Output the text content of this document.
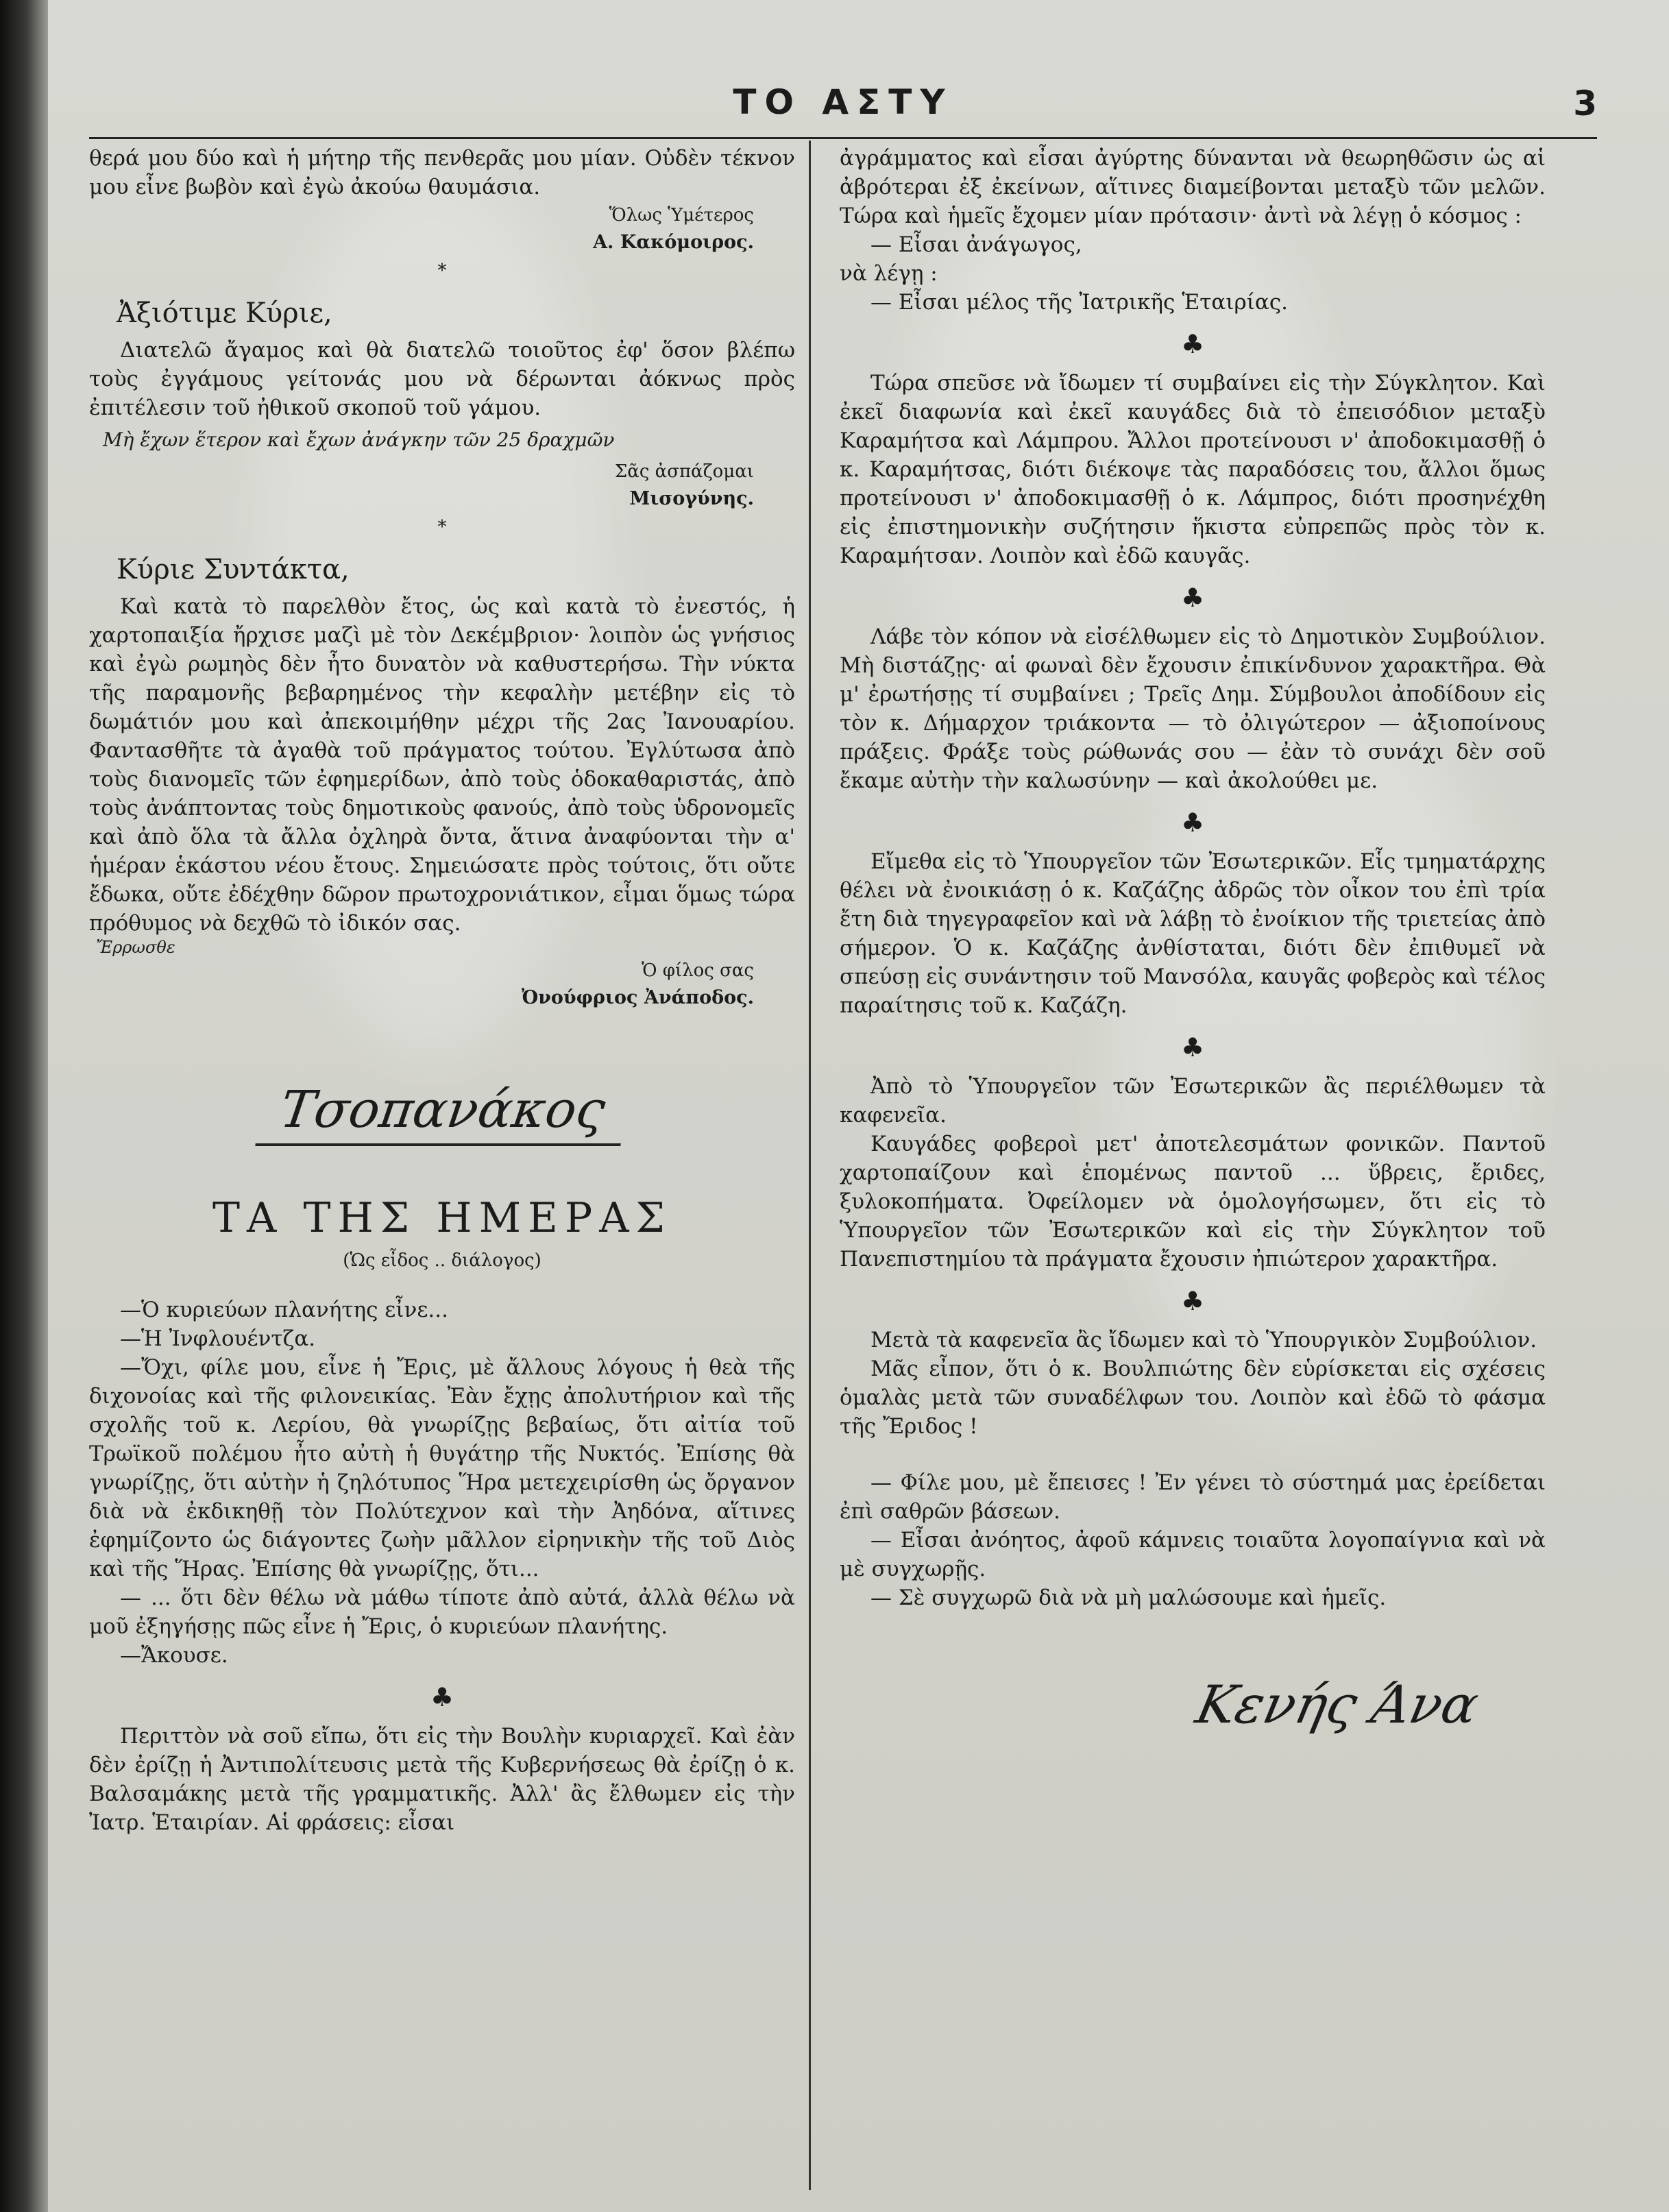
ΤΟ ΑΣΤΥ	3

θερά μου δύο καὶ ἡ μήτηρ τῆς πενθερᾶς μου μίαν. Οὐδὲν τέκνον μου εἶνε βωβὸν καὶ ἐγὼ ἀκούω θαυμάσια.

Ὅλως Ὑμέτερος
Α. Κακόμοιρος.
*
Ἀξιότιμε Κύριε,

Διατελῶ ἄγαμος καὶ θὰ διατελῶ τοιοῦτος ἐφ' ὅσον βλέπω τοὺς ἐγγάμους γείτονάς μου νὰ δέρωνται ἀόκνως πρὸς ἐπιτέλεσιν τοῦ ἠθικοῦ σκοποῦ τοῦ γάμου.

Μὴ ἔχων ἕτερον καὶ ἔχων ἀνάγκην τῶν 25 δραχμῶν
Σᾶς ἀσπάζομαι
Μισογύνης.
*
Κύριε Συντάκτα,

Καὶ κατὰ τὸ παρελθὸν ἔτος, ὡς καὶ κατὰ τὸ ἐνεστός, ἡ χαρτοπαιξία ἤρχισε μαζὶ μὲ τὸν Δεκέμβριον· λοιπὸν ὡς γνήσιος καὶ ἐγὼ ρωμηὸς δὲν ἦτο δυνατὸν νὰ καθυστερήσω. Τὴν νύκτα τῆς παραμονῆς βεβαρημένος τὴν κεφαλὴν μετέβην εἰς τὸ δωμάτιόν μου καὶ ἀπεκοιμήθην μέχρι τῆς 2ας Ἰανουαρίου. Φαντασθῆτε τὰ ἀγαθὰ τοῦ πράγματος τούτου. Ἐγλύτωσα ἀπὸ τοὺς διανομεῖς τῶν ἐφημερίδων, ἀπὸ τοὺς ὁδοκαθαριστάς, ἀπὸ τοὺς ἀνάπτοντας τοὺς δημοτικοὺς φανούς, ἀπὸ τοὺς ὑδρονομεῖς καὶ ἀπὸ ὅλα τὰ ἄλλα ὀχληρὰ ὄντα, ἅτινα ἀναφύονται τὴν α' ἡμέραν ἑκάστου νέου ἔτους. Σημειώσατε πρὸς τούτοις, ὅτι οὔτε ἔδωκα, οὔτε ἐδέχθην δῶρον πρωτοχρονιάτικον, εἶμαι ὅμως τώρα πρόθυμος νὰ δεχθῶ τὸ ἰδικόν σας.

Ἔρρωσθε
Ὁ φίλος σας
Ὀνούφριος Ἀνάποδος.
Τσοπανάκος
ΤΑ ΤΗΣ ΗΜΕΡΑΣ
(Ὡς εἶδος .. διάλογος)

—Ὁ κυριεύων πλανήτης εἶνε...

—Ἡ Ἰνφλουέντζα.

—Ὄχι, φίλε μου, εἶνε ἡ Ἔρις, μὲ ἄλλους λόγους ἡ θεὰ τῆς διχονοίας καὶ τῆς φιλονεικίας. Ἐὰν ἔχῃς ἀπολυτήριον καὶ τῆς σχολῆς τοῦ κ. Λερίου, θὰ γνωρίζῃς βεβαίως, ὅτι αἰτία τοῦ Τρωϊκοῦ πολέμου ἦτο αὐτὴ ἡ θυγάτηρ τῆς Νυκτός. Ἐπίσης θὰ γνωρίζῃς, ὅτι αὐτὴν ἡ ζηλότυπος Ἥρα μετεχειρίσθη ὡς ὄργανον διὰ νὰ ἐκδικηθῇ τὸν Πολύτεχνον καὶ τὴν Ἀηδόνα, αἵτινες ἐφημίζοντο ὡς διάγοντες ζωὴν μᾶλλον εἰρηνικὴν τῆς τοῦ Διὸς καὶ τῆς Ἥρας. Ἐπίσης θὰ γνωρίζῃς, ὅτι...

— ... ὅτι δὲν θέλω νὰ μάθω τίποτε ἀπὸ αὐτά, ἀλλὰ θέλω νὰ μοῦ ἐξηγήσῃς πῶς εἶνε ἡ Ἔρις, ὁ κυριεύων πλανήτης.

—Ἄκουσε.

♣

Περιττὸν νὰ σοῦ εἴπω, ὅτι εἰς τὴν Βουλὴν κυριαρχεῖ. Καὶ ἐὰν δὲν ἐρίζῃ ἡ Ἀντιπολίτευσις μετὰ τῆς Κυβερνήσεως θὰ ἐρίζῃ ὁ κ. Βαλσαμάκης μετὰ τῆς γραμματικῆς. Ἀλλ' ἂς ἔλθωμεν εἰς τὴν Ἰατρ. Ἑταιρίαν. Αἱ φράσεις: εἶσαι

ἀγράμματος καὶ εἶσαι ἀγύρτης δύνανται νὰ θεωρηθῶσιν ὡς αἱ ἀβρότεραι ἐξ ἐκείνων, αἵτινες διαμείβονται μεταξὺ τῶν μελῶν. Τώρα καὶ ἡμεῖς ἔχομεν μίαν πρότασιν· ἀντὶ νὰ λέγῃ ὁ κόσμος :

— Εἶσαι ἀνάγωγος,

νὰ λέγῃ :

— Εἶσαι μέλος τῆς Ἰατρικῆς Ἑταιρίας.

♣

Τώρα σπεῦσε νὰ ἴδωμεν τί συμβαίνει εἰς τὴν Σύγκλητον. Καὶ ἐκεῖ διαφωνία καὶ ἐκεῖ καυγάδες διὰ τὸ ἐπεισόδιον μεταξὺ Καραμήτσα καὶ Λάμπρου. Ἄλλοι προτείνουσι ν' ἀποδοκιμασθῇ ὁ κ. Καραμήτσας, διότι διέκοψε τὰς παραδόσεις του, ἄλλοι ὅμως προτείνουσι ν' ἀποδοκιμασθῇ ὁ κ. Λάμπρος, διότι προσηνέχθη εἰς ἐπιστημονικὴν συζήτησιν ἥκιστα εὐπρεπῶς πρὸς τὸν κ. Καραμήτσαν. Λοιπὸν καὶ ἐδῶ καυγᾶς.

♣

Λάβε τὸν κόπον νὰ εἰσέλθωμεν εἰς τὸ Δημοτικὸν Συμβούλιον. Μὴ διστάζῃς· αἱ φωναὶ δὲν ἔχουσιν ἐπικίνδυνον χαρακτῆρα. Θὰ μ' ἐρωτήσῃς τί συμβαίνει ; Τρεῖς Δημ. Σύμβουλοι ἀποδίδουν εἰς τὸν κ. Δήμαρχον τριάκοντα — τὸ ὀλιγώτερον — ἀξιοποίνους πράξεις. Φράξε τοὺς ρώθωνάς σου — ἐὰν τὸ συνάχι δὲν σοῦ ἔκαμε αὐτὴν τὴν καλωσύνην — καὶ ἀκολούθει με.

♣

Εἴμεθα εἰς τὸ Ὑπουργεῖον τῶν Ἐσωτερικῶν. Εἷς τμηματάρχης θέλει νὰ ἐνοικιάσῃ ὁ κ. Καζάζης ἀδρῶς τὸν οἶκον του ἐπὶ τρία ἔτη διὰ τηγεγραφεῖον καὶ νὰ λάβῃ τὸ ἐνοίκιον τῆς τριετείας ἀπὸ σήμερον. Ὁ κ. Καζάζης ἀνθίσταται, διότι δὲν ἐπιθυμεῖ νὰ σπεύσῃ εἰς συνάντησιν τοῦ Μανσόλα, καυγᾶς φοβερὸς καὶ τέλος παραίτησις τοῦ κ. Καζάζη.

♣

Ἀπὸ τὸ Ὑπουργεῖον τῶν Ἐσωτερικῶν ἂς περιέλθωμεν τὰ καφενεῖα.

Καυγάδες φοβεροὶ μετ' ἀποτελεσμάτων φονικῶν. Παντοῦ χαρτοπαίζουν καὶ ἑπομένως παντοῦ ... ὕβρεις, ἔριδες, ξυλοκοπήματα. Ὀφείλομεν νὰ ὁμολογήσωμεν, ὅτι εἰς τὸ Ὑπουργεῖον τῶν Ἐσωτερικῶν καὶ εἰς τὴν Σύγκλητον τοῦ Πανεπιστημίου τὰ πράγματα ἔχουσιν ἠπιώτερον χαρακτῆρα.

♣

Μετὰ τὰ καφενεῖα ἂς ἴδωμεν καὶ τὸ Ὑπουργικὸν Συμβούλιον.

Μᾶς εἶπον, ὅτι ὁ κ. Βουλπιώτης δὲν εὑρίσκεται εἰς σχέσεις ὁμαλὰς μετὰ τῶν συναδέλφων του. Λοιπὸν καὶ ἐδῶ τὸ φάσμα τῆς Ἔριδος !

— Φίλε μου, μὲ ἔπεισες ! Ἐν γένει τὸ σύστημά μας ἐρείδεται ἐπὶ σαθρῶν βάσεων.

— Εἶσαι ἀνόητος, ἀφοῦ κάμνεις τοιαῦτα λογοπαίγνια καὶ νὰ μὲ συγχωρῇς.

— Σὲ συγχωρῶ διὰ νὰ μὴ μαλώσουμε καὶ ἡμεῖς.

Κενής Άνα
